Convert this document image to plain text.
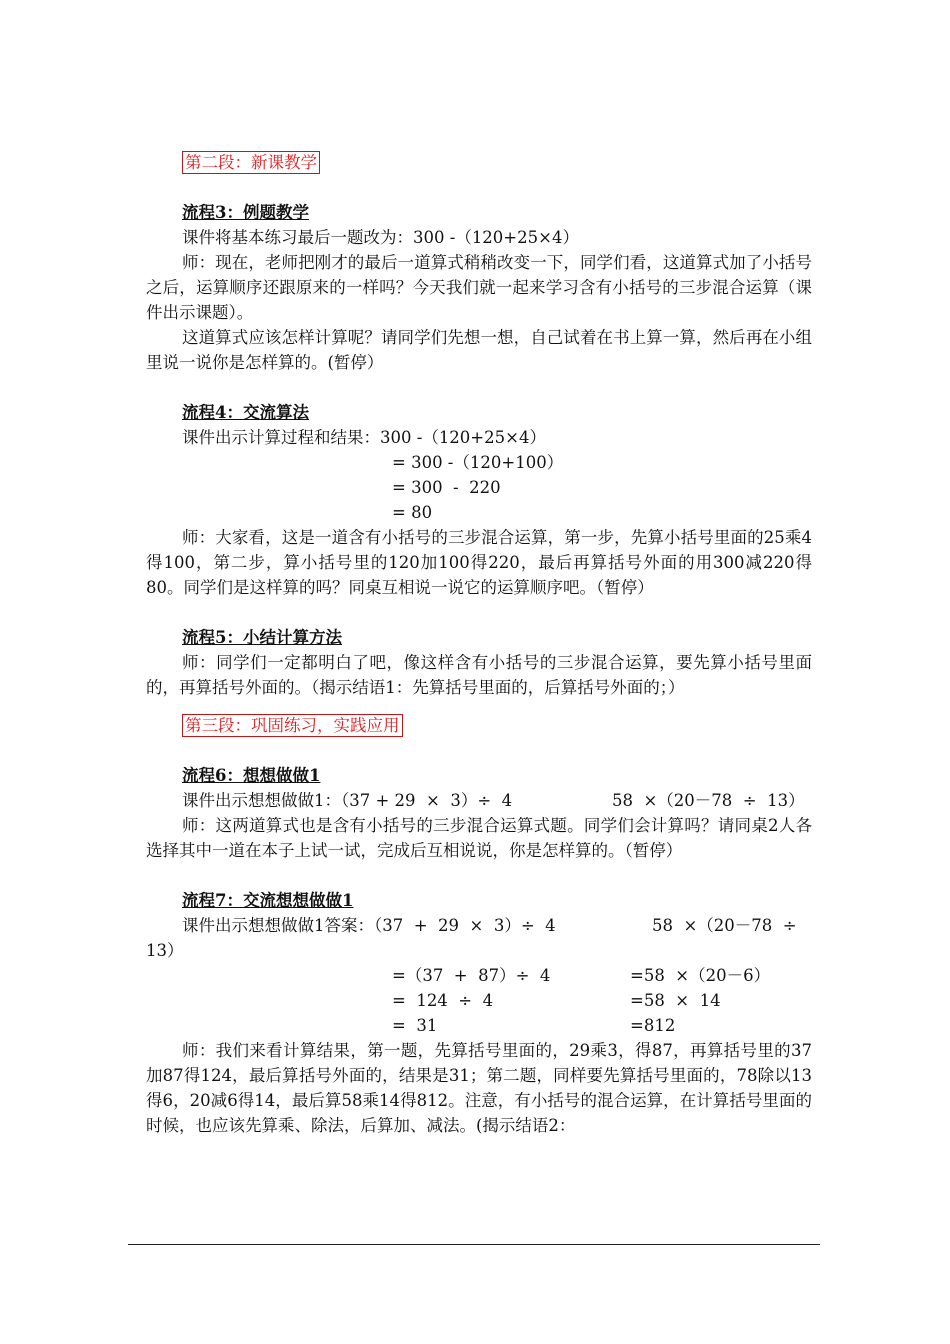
第二段：新课教学
流程3：例题教学
课件将基本练习最后一题改为：300 -（120+25×4）
师：现在，老师把刚才的最后一道算式稍稍改变一下，同学们看，这道算式加了小括号之后，运算顺序还跟原来的一样吗？今天我们就一起来学习含有小括号的三步混合运算（课件出示课题）。
这道算式应该怎样计算呢？请同学们先想一想，自己试着在书上算一算，然后再在小组里说一说你是怎样算的。(暂停）
流程4：交流算法
课件出示计算过程和结果：300 -（120+25×4）
= 300 -（120+100）
= 300  -  220
= 80
师：大家看，这是一道含有小括号的三步混合运算，第一步，先算小括号里面的25乘4得100，第二步，算小括号里的120加100得220，最后再算括号外面的用300减220得80。同学们是这样算的吗？同桌互相说一说它的运算顺序吧。（暂停）
流程5：小结计算方法
师：同学们一定都明白了吧，像这样含有小括号的三步混合运算，要先算小括号里面的，再算括号外面的。（揭示结语1：先算括号里面的，后算括号外面的；）
第三段：巩固练习，实践应用
流程6：想想做做1
课件出示想想做做1：（37 + 29  ×  3）÷  4	58  ×（20－78  ÷  13）
师：这两道算式也是含有小括号的三步混合运算式题。同学们会计算吗？请同桌2人各选择其中一道在本子上试一试，完成后互相说说，你是怎样算的。（暂停）
流程7：交流想想做做1
课件出示想想做做1答案：（37  +  29  ×  3）÷  4	58  ×（20－78  ÷
13）
=（37  +  87）÷  4	=58  ×（20－6）
=  124  ÷  4	=58  ×  14
=  31	=812
师：我们来看计算结果，第一题，先算括号里面的，29乘3，得87，再算括号里的37加87得124，最后算括号外面的，结果是31；第二题，同样要先算括号里面的，78除以13得6，20减6得14，最后算58乘14得812。注意，有小括号的混合运算，在计算括号里面的时候，也应该先算乘、除法，后算加、减法。(揭示结语2：
